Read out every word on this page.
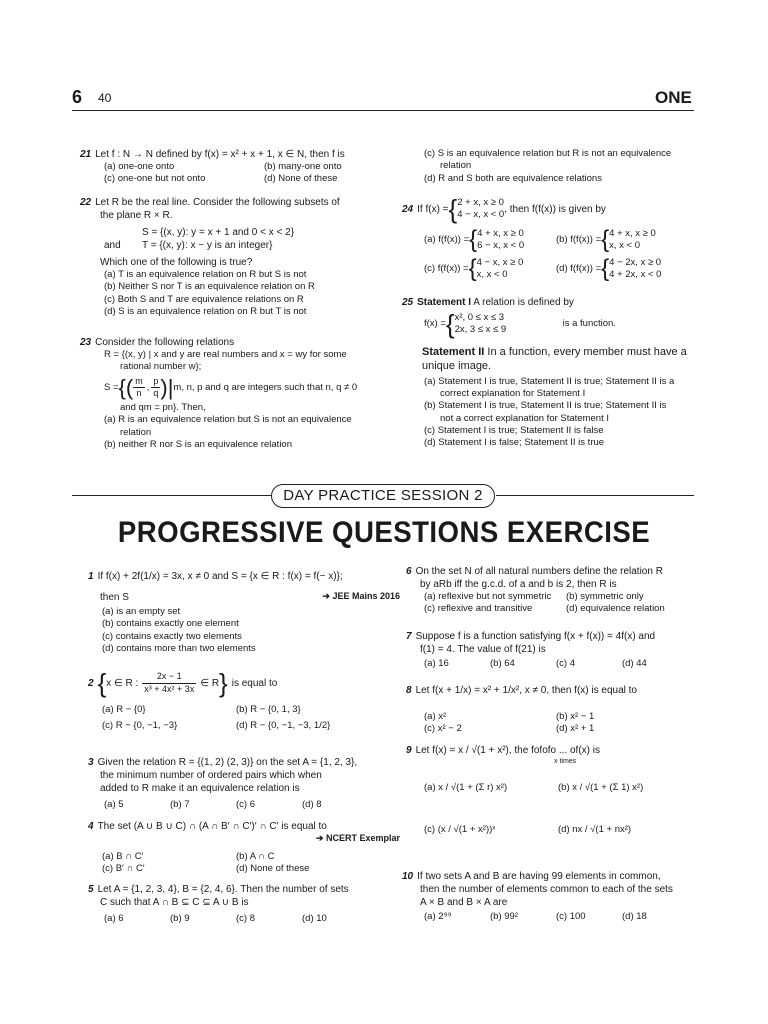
6 40	ONE
21 Let f : N → N defined by f(x) = x² + x + 1, x ∈ N, then f is
(a) one-one onto	(b) many-one onto
(c) one-one but not onto	(d) None of these
22 Let R be the real line. Consider the following subsets of
the plane R × R.
S = {(x, y): y = x + 1 and 0 < x < 2}
and T = {(x, y): x − y is an integer}
Which one of the following is true?
(a) T is an equivalence relation on R but S is not
(b) Neither S nor T is an equivalence relation on R
(c) Both S and T are equivalence relations on R
(d) S is an equivalence relation on R but T is not
23 Consider the following relations
R = {(x, y) | x and y are real numbers and x = wy for some
rational number w};
S = { ( $\frac{m}{n}$ , $\frac{p}{q}$ ) | m, n, p and q are integers such that n, q ≠ 0
and qm = pn}. Then,
(a) R is an equivalence relation but S is not an equivalence
relation
(b) neither R nor S is an equivalence relation
(c) S is an equivalence relation but R is not an equivalence
relation
(d) R and S both are equivalence relations
24 If f(x) = { 2 + x, x ≥ 0
4 − x, x < 0 , then f(f(x)) is given by
(a) f(f(x)) = { 4 + x, x ≥ 0
6 − x, x < 0
(b) f(f(x)) = { 4 + x, x ≥ 0
x, x < 0
(c) f(f(x)) = { 4 − x, x ≥ 0
x, x < 0
(d) f(f(x)) = { 4 − 2x, x ≥ 0
4 + 2x, x < 0
25 Statement I A relation is defined by
f(x) = { x², 0 ≤ x ≤ 3
2x, 3 ≤ x ≤ 9
is a function.
Statement II In a function, every member must have a
unique image.
(a) Statement I is true, Statement II is true; Statement II is a
correct explanation for Statement I
(b) Statement I is true, Statement II is true; Statement II is
not a correct explanation for Statement I
(c) Statement I is true; Statement II is false
(d) Statement I is false; Statement II is true
DAY PRACTICE SESSION 2
PROGRESSIVE QUESTIONS EXERCISE
1 If f(x) + 2f(1/x) = 3x, x ≠ 0 and S = {x ∈ R : f(x) = f(− x)};
then S	➔ JEE Mains 2016
(a) is an empty set
(b) contains exactly one element
(c) contains exactly two elements
(d) contains more than two elements
2 { x ∈ R : $\frac{2x - 1}{\text{x³ + 4x² + 3x}}$ ∈ R } is equal to
(a) R − {0}	(b) R − {0, 1, 3}
(c) R − {0, −1, −3}	(d) R − {0, −1, −3, 1/2}
3 Given the relation R = {(1, 2) (2, 3)} on the set A = {1, 2, 3},
the minimum number of ordered pairs which when
added to R make it an equivalence relation is
(a) 5	(b) 7	(c) 6	(d) 8
4 The set (A ∪ B ∪ C) ∩ (A ∩ B′ ∩ C′)′ ∩ C′ is equal to
➔ NCERT Exemplar
(a) B ∩ C′	(b) A ∩ C
(c) B′ ∩ C′	(d) None of these
5 Let A = {1, 2, 3, 4}, B = {2, 4, 6}. Then the number of sets
C such that A ∩ B ⊆ C ⊆ A ∪ B is
(a) 6	(b) 9	(c) 8	(d) 10
6 On the set N of all natural numbers define the relation R
by aRb iff the g.c.d. of a and b is 2, then R is
(a) reflexive but not symmetric	(b) symmetric only
(c) reflexive and transitive	(d) equivalence relation
7 Suppose f is a function satisfying f(x + f(x)) = 4f(x) and
f(1) = 4. The value of f(21) is
(a) 16	(b) 64	(c) 4	(d) 44
8 Let f(x + 1/x) = x² + 1/x², x ≠ 0, then f(x) is equal to
(a) x²	(b) x² − 1
(c) x² − 2	(d) x² + 1
9 Let f(x) = x / √(1 + x²), the fofofo ... of(x) is
x times
(a) x / √(1 + (Σ r) x²)	(b) x / √(1 + (Σ 1) x²)
(c) (x / √(1 + x²))ˣ	(d) nx / √(1 + nx²)
10 If two sets A and B are having 99 elements in common,
then the number of elements common to each of the sets
A × B and B × A are
(a) 2⁹⁹	(b) 99²	(c) 100	(d) 18
